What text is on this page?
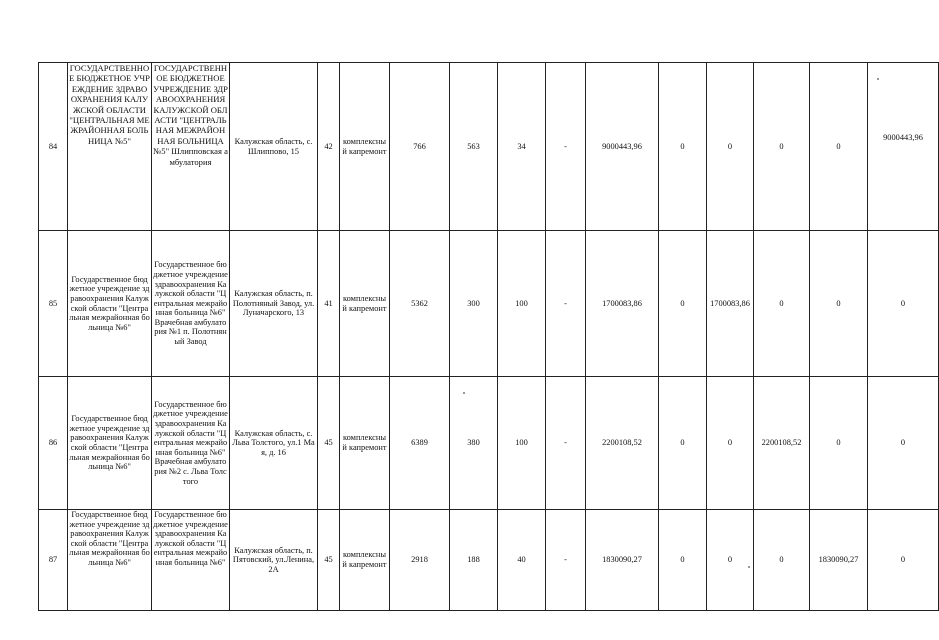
84	ГОСУДАРСТВЕННОЕ БЮДЖЕТНОЕ УЧРЕЖДЕНИЕ ЗДРАВООХРАНЕНИЯ КАЛУЖСКОЙ ОБЛАСТИ "ЦЕНТРАЛЬНАЯ МЕЖРАЙОННАЯ БОЛЬНИЦА №5"	ГОСУДАРСТВЕННОЕ БЮДЖЕТНОЕ УЧРЕЖДЕНИЕ ЗДРАВООХРАНЕНИЯ КАЛУЖСКОЙ ОБЛАСТИ "ЦЕНТРАЛЬНАЯ МЕЖРАЙОННАЯ БОЛЬНИЦА №5" Шлипповская амбулатория	Калужская область, с. Шлиппово, 15	42	комплексный капремонт	766	563	34	-	9000443,96	0	0	0	0	9000443,96
85	Государственное бюджетное учреждение здравоохранения Калужской области "Центральная межрайонная больница №6"	Государственное бюджетное учреждение здравоохранения Калужской области "Центральная межрайонная больница №6" Врачебная амбулатория №1 п. Полотняный Завод	Калужская область, п. Полотняный Завод, ул.Луначарского, 13	41	комплексный капремонт	5362	300	100	-	1700083,86	0	1700083,86	0	0	0
86	Государственное бюджетное учреждение здравоохранения Калужской области "Центральная межрайонная больница №6"	Государственное бюджетное учреждение здравоохранения Калужской области "Центральная межрайонная больница №6" Врачебная амбулатория №2 с. Льва Толстого	Калужская область, с. Льва Толстого, ул.1 Мая, д. 16	45	комплексный капремонт	6389	380	100	-	2200108,52	0	0	2200108,52	0	0
87	Государственное бюджетное учреждение здравоохранения Калужской области "Центральная межрайонная больница №6"	Государственное бюджетное учреждение здравоохранения Калужской области "Центральная межрайонная больница №6"	Калужская область, п. Пятовский, ул.Ленина, 2А	45	комплексный капремонт	2918	188	40	-	1830090,27	0	0	0	1830090,27	0
